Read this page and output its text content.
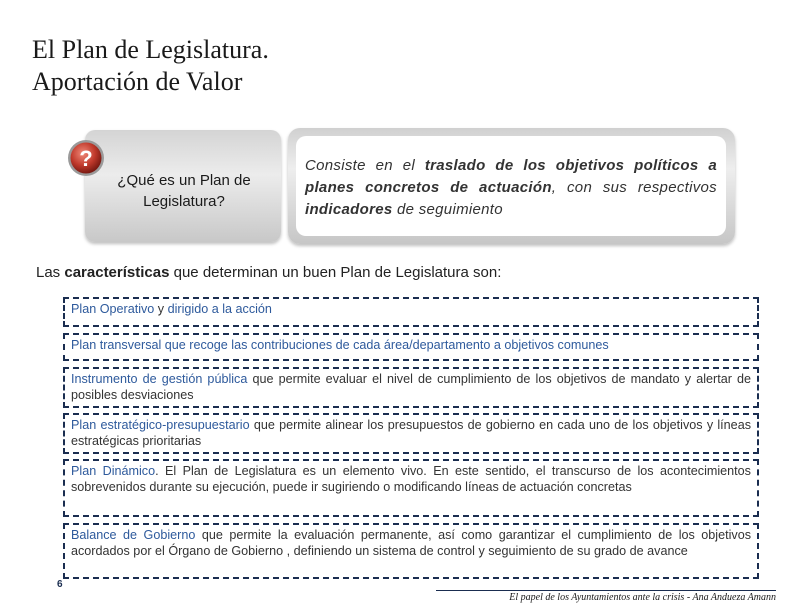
El Plan de Legislatura.
Aportación de Valor
?
¿Qué es un Plan de Legislatura?
Consiste en el traslado de los objetivos políticos a planes concretos de actuación, con sus respectivos indicadores de seguimiento
Las características que determinan un buen Plan de Legislatura son:
Plan Operativo y dirigido a la acción
Plan transversal que recoge las contribuciones de cada área/departamento a objetivos comunes
Instrumento de gestión pública que permite evaluar el nivel de cumplimiento de los objetivos de mandato y alertar de posibles desviaciones
Plan estratégico-presupuestario que permite alinear los presupuestos de gobierno en cada uno de los objetivos y líneas estratégicas prioritarias
Plan Dinámico. El Plan de Legislatura es un elemento vivo. En este sentido, el transcurso de los acontecimientos sobrevenidos durante su ejecución, puede ir sugiriendo o modificando líneas de actuación concretas
Balance de Gobierno que permite la evaluación permanente, así como garantizar el cumplimiento de los objetivos acordados por el Órgano de Gobierno , definiendo un sistema de control y seguimiento de su grado de avance
6
El papel de los Ayuntamientos ante la crisis - Ana Andueza Amann
